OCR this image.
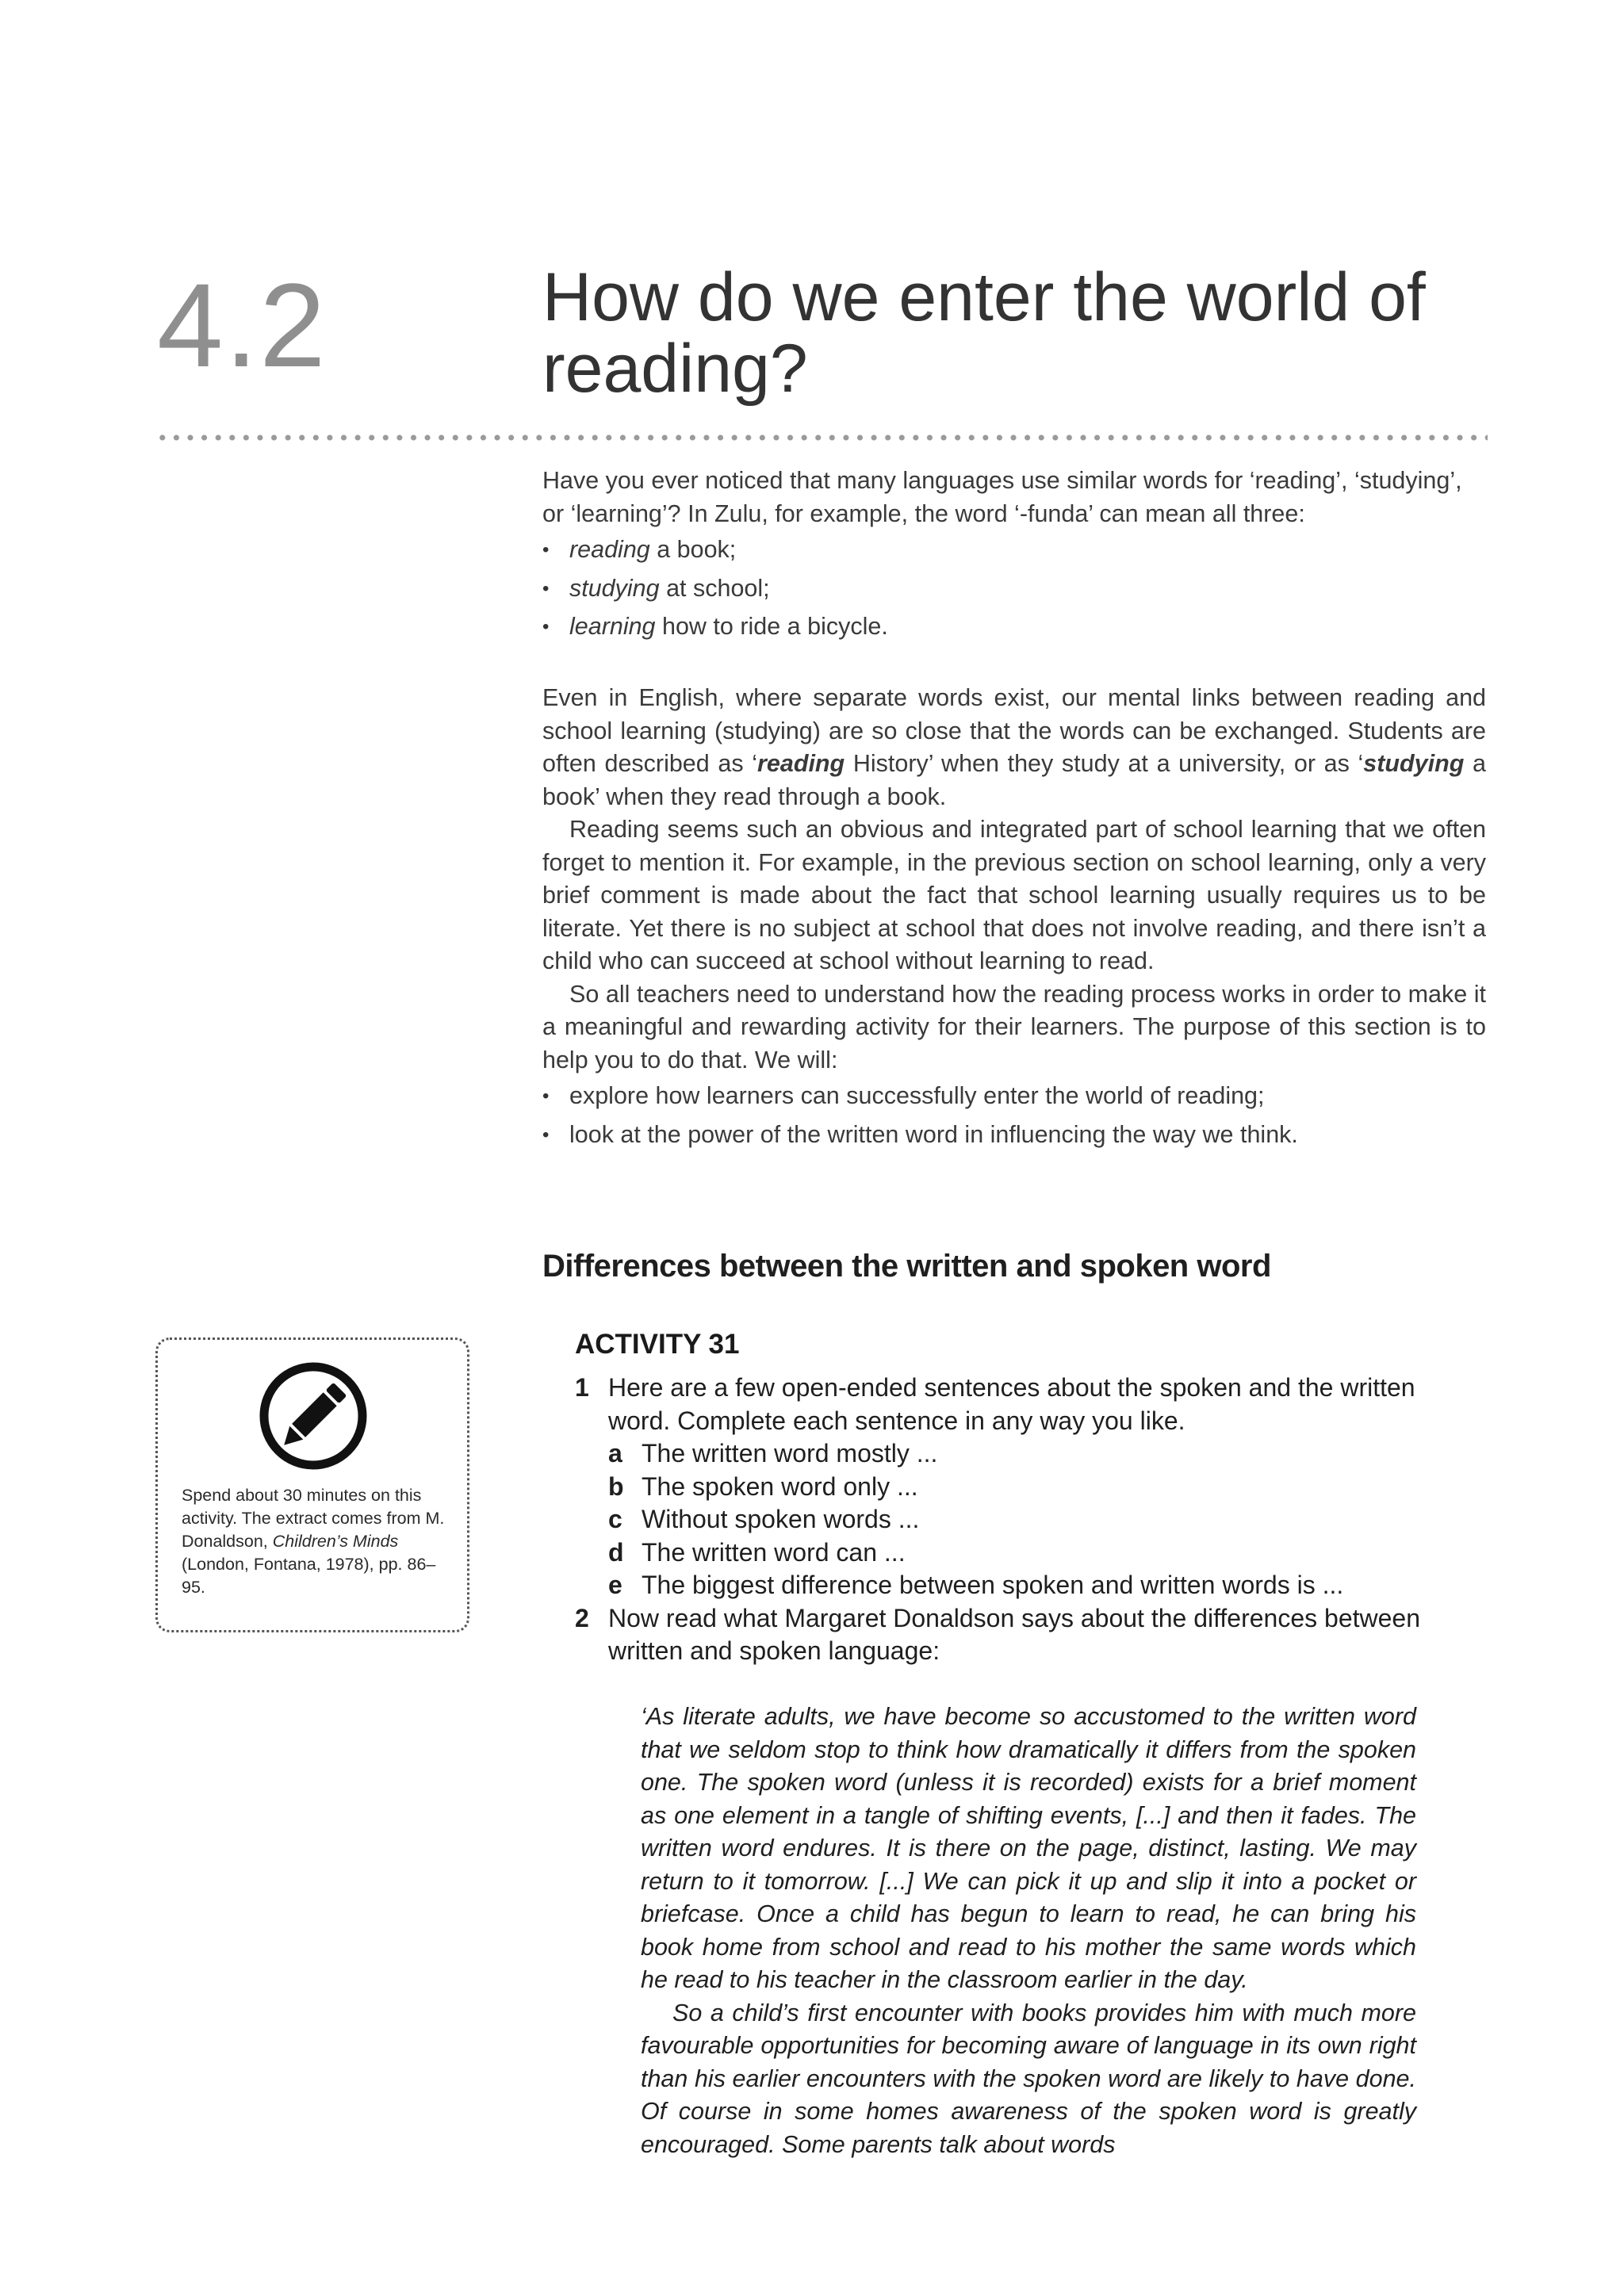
4.2	How do we enter the world of
reading?

Have you ever noticed that many languages use similar words for ‘reading’, ‘studying’, or ‘learning’? In Zulu, for example, the word ‘-funda’ can mean all three:

• reading a book;
• studying at school;
• learning how to ride a bicycle.

Even in English, where separate words exist, our mental links between reading and school learning (studying) are so close that the words can be exchanged. Students are often described as ‘reading History’ when they study at a university, or as ‘studying a book’ when they read through a book.

Reading seems such an obvious and integrated part of school learning that we often forget to mention it. For example, in the previous section on school learning, only a very brief comment is made about the fact that school learning usually requires us to be literate. Yet there is no subject at school that does not involve reading, and there isn’t a child who can succeed at school without learning to read.

So all teachers need to understand how the reading process works in order to make it a meaningful and rewarding activity for their learners. The purpose of this section is to help you to do that. We will:

• explore how learners can successfully enter the world of reading;
• look at the power of the written word in influencing the way we think.
Differences between the written and spoken word
ACTIVITY 31
1 Here are a few open-ended sentences about the spoken and the written word. Complete each sentence in any way you like.
a The written word mostly ...
b The spoken word only ...
c Without spoken words ...
d The written word can ...
e The biggest difference between spoken and written words is ...
2 Now read what Margaret Donaldson says about the differences between written and spoken language:

‘As literate adults, we have become so accustomed to the written word that we seldom stop to think how dramatically it differs from the spoken one. The spoken word (unless it is recorded) exists for a brief moment as one element in a tangle of shifting events, [...] and then it fades. The written word endures. It is there on the page, distinct, lasting. We may return to it tomorrow. [...] We can pick it up and slip it into a pocket or briefcase. Once a child has begun to learn to read, he can bring his book home from school and read to his mother the same words which he read to his teacher in the classroom earlier in the day.

So a child’s first encounter with books provides him with much more favourable opportunities for becoming aware of language in its own right than his earlier encounters with the spoken word are likely to have done. Of course in some homes awareness of the spoken word is greatly encouraged. Some parents talk about words

Spend about 30 minutes on this activity. The extract comes from M. Donaldson, Children’s Minds (London, Fontana, 1978), pp. 86–95.
